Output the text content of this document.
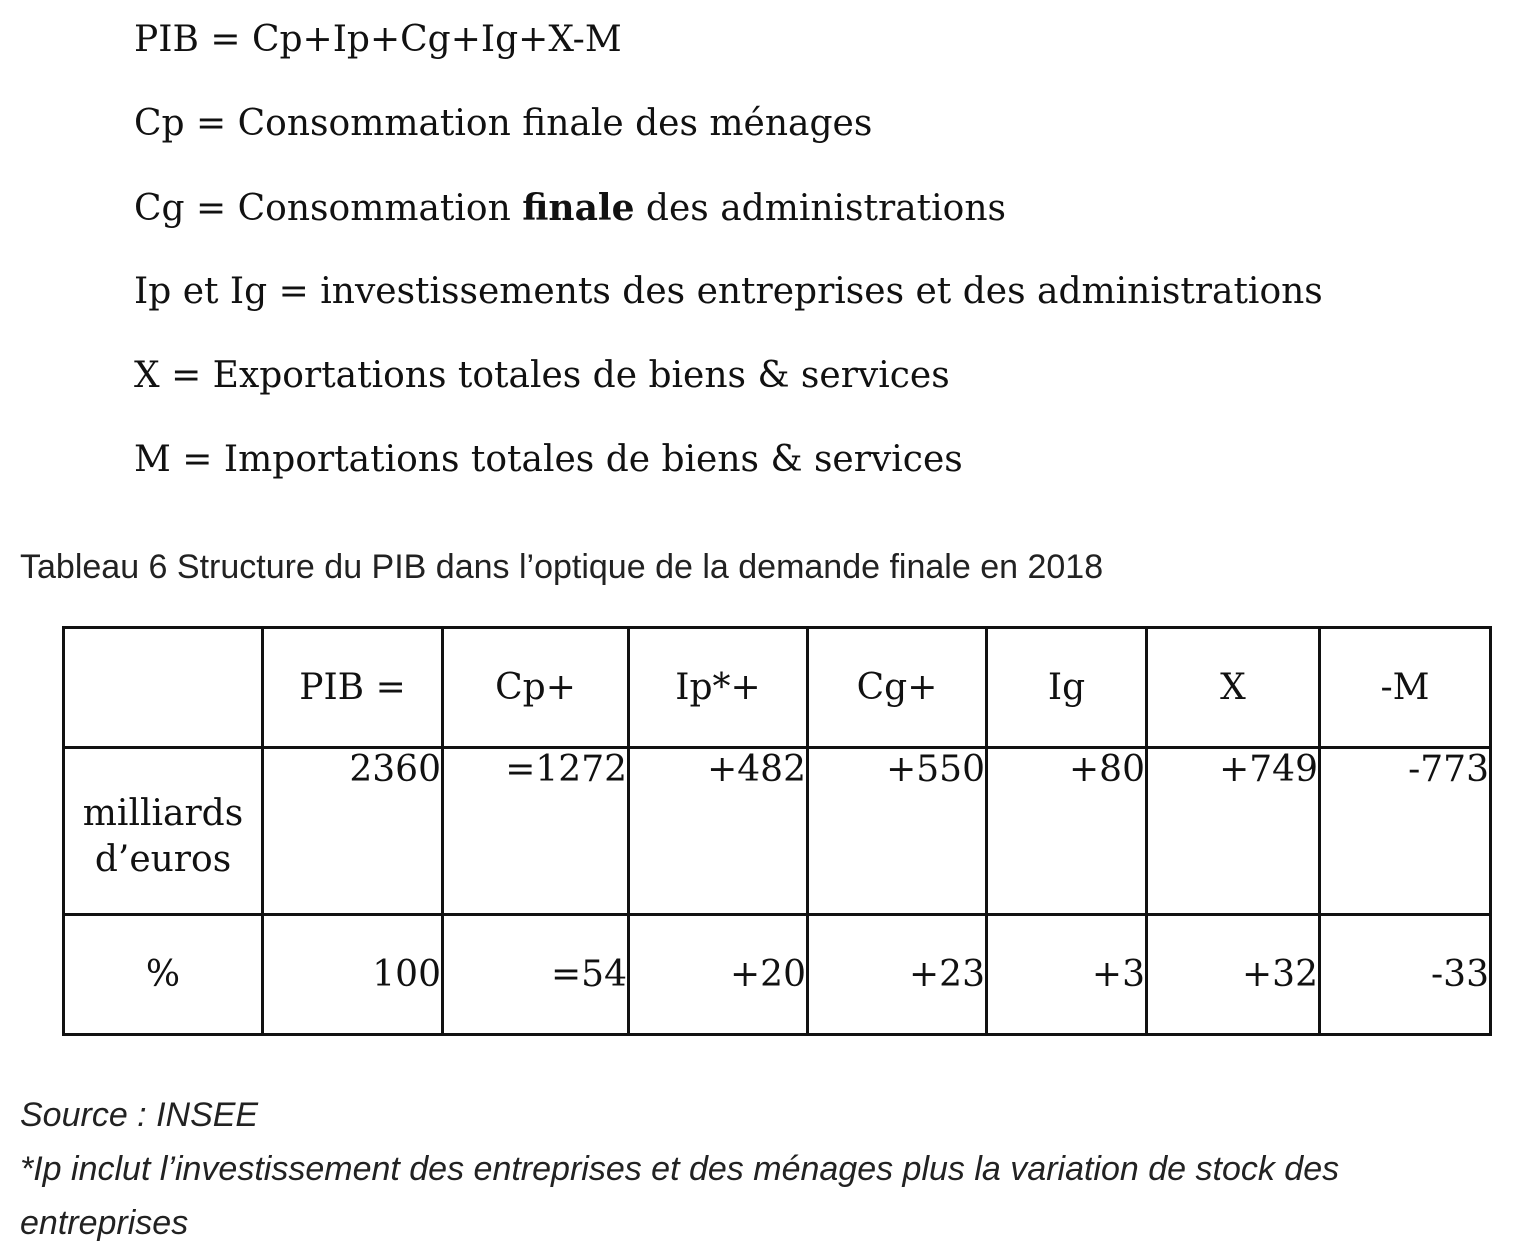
PIB = Cp+Ip+Cg+Ig+X-M
Cp = Consommation finale des ménages
Cg = Consommation finale des administrations
Ip et Ig = investissements des entreprises et des administrations
X = Exportations totales de biens & services
M = Importations totales de biens & services
Tableau 6 Structure du PIB dans l’optique de la demande finale en 2018
	PIB =	Cp+	Ip*+	Cg+	Ig	X	-M

milliards
d’euros	2360	=1272	+482	+550	+80	+749	-773
%	100	=54	+20	+23	+3	+32	-33
Source : INSEE
*Ip inclut l’investissement des entreprises et des ménages plus la variation de stock des entreprises
